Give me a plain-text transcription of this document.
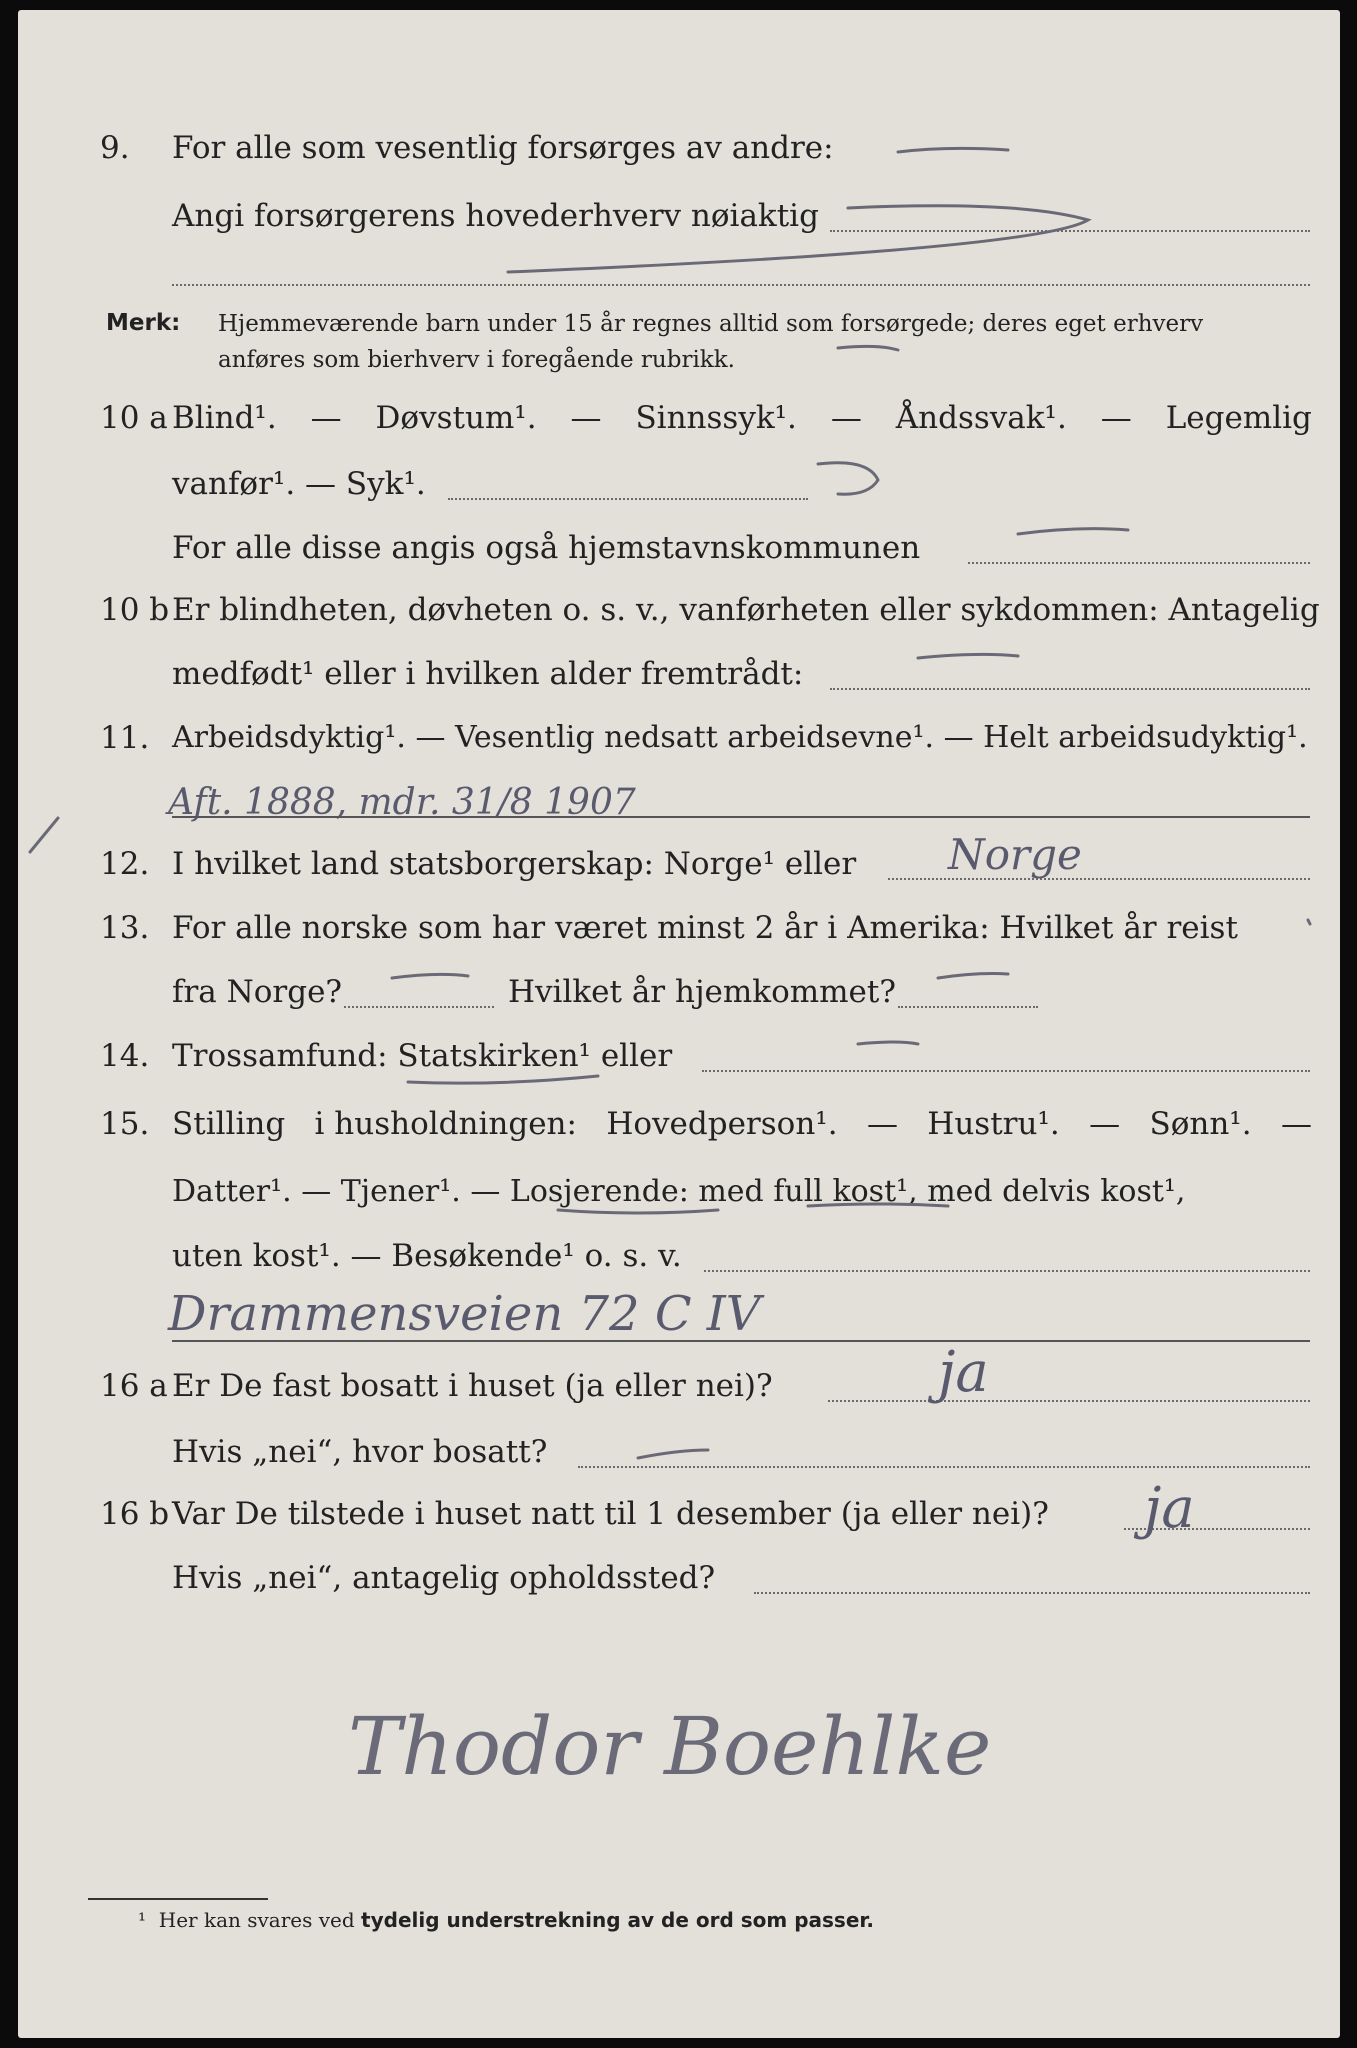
9. For alle som vesentlig forsørges av andre:
Angi forsørgerens hovederhverv nøiaktig
Merk: Hjemmeværende barn under 15 år regnes alltid som forsørgede; deres eget erhverv
anføres som bierhverv i foregående rubrikk.
10 a Blind¹. — Døvstum¹. — Sinnssyk¹. — Åndssvak¹. — Legemlig
vanfør¹. — Syk¹.
For alle disse angis også hjemstavnskommunen
10 b Er blindheten, døvheten o. s. v., vanførheten eller sykdommen: Antagelig
medfødt¹ eller i hvilken alder fremtrådt:
11. Arbeidsdyktig¹. — Vesentlig nedsatt arbeidsevne¹. — Helt arbeidsudyktig¹.
Aft. 1888, mdr. 31/8 1907
12. I hvilket land statsborgerskap: Norge¹ eller Norge
13. For alle norske som har været minst 2 år i Amerika: Hvilket år reist
fra Norge?	Hvilket år hjemkommet?
14. Trossamfund: Statskirken¹ eller
15. Stilling i husholdningen: Hovedperson¹. — Hustru¹. — Sønn¹. —
Datter¹. — Tjener¹. — Losjerende: med full kost¹, med delvis kost¹,
uten kost¹. — Besøkende¹ o. s. v.
Drammensveien 72 C IV
16 a Er De fast bosatt i huset (ja eller nei)?	ja
Hvis „nei“, hvor bosatt?
16 b Var De tilstede i huset natt til 1 desember (ja eller nei)? ja
Hvis „nei“, antagelig opholdssted?
Thodor Boehlke
¹ Her kan svares ved tydelig understrekning av de ord som passer.
